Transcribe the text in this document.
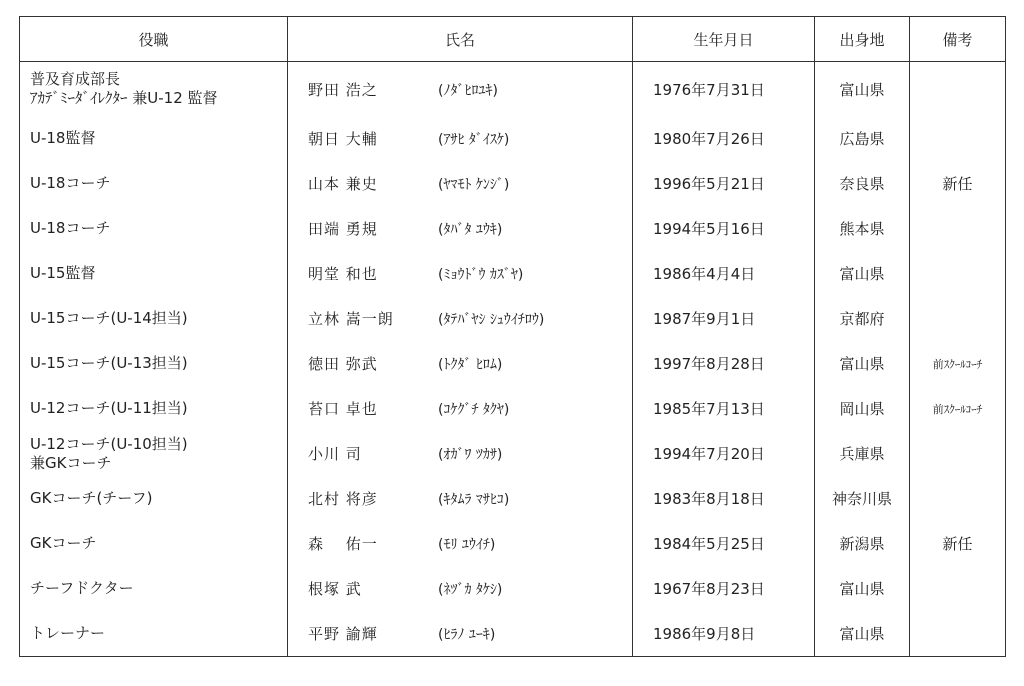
役職	氏名	生年月日	出身地	備考

普及育成部長
ｱｶﾃﾞﾐｰﾀﾞｲﾚｸﾀｰ 兼U-12 監督	野田 浩之 (ﾉﾀﾞﾋﾛﾕｷ)	1976年7月31日	富山県	

U-18監督	朝日 大輔 (ｱｻﾋ ﾀﾞｲｽｹ)	1980年7月26日	広島県	

U-18コーチ	山本 兼史 (ﾔﾏﾓﾄ ｹﾝｼﾞ)	1996年5月21日	奈良県	新任

U-18コーチ	田端 勇規 (ﾀﾊﾞﾀ ﾕｳｷ)	1994年5月16日	熊本県	

U-15監督	明堂 和也 (ﾐｮｳﾄﾞｳ ｶｽﾞﾔ)	1986年4月4日	富山県	

U-15コーチ(U-14担当)	立林 嵩一朗 (ﾀﾃﾊﾞﾔｼ ｼｭｳｲﾁﾛｳ)	1987年9月1日	京都府	

U-15コーチ(U-13担当)	徳田 弥武 (ﾄｸﾀﾞ ﾋﾛﾑ)	1997年8月28日	富山県	前ｽｸｰﾙｺｰﾁ

U-12コーチ(U-11担当)	苔口 卓也 (ｺｹｸﾞﾁ ﾀｸﾔ)	1985年7月13日	岡山県	前ｽｸｰﾙｺｰﾁ

U-12コーチ(U-10担当)
兼GKコーチ	小川 司 (ｵｶﾞﾜ ﾂｶｻ)	1994年7月20日	兵庫県	

GKコーチ(チーフ)	北村 将彦 (ｷﾀﾑﾗ ﾏｻﾋｺ)	1983年8月18日	神奈川県	

GKコーチ	森　 佑一 (ﾓﾘ ﾕｳｲﾁ)	1984年5月25日	新潟県	新任

チーフドクター	根塚 武 (ﾈﾂﾞｶ ﾀｹｼ)	1967年8月23日	富山県	

トレーナー	平野 諭輝 (ﾋﾗﾉ ﾕｰｷ)	1986年9月8日	富山県	
